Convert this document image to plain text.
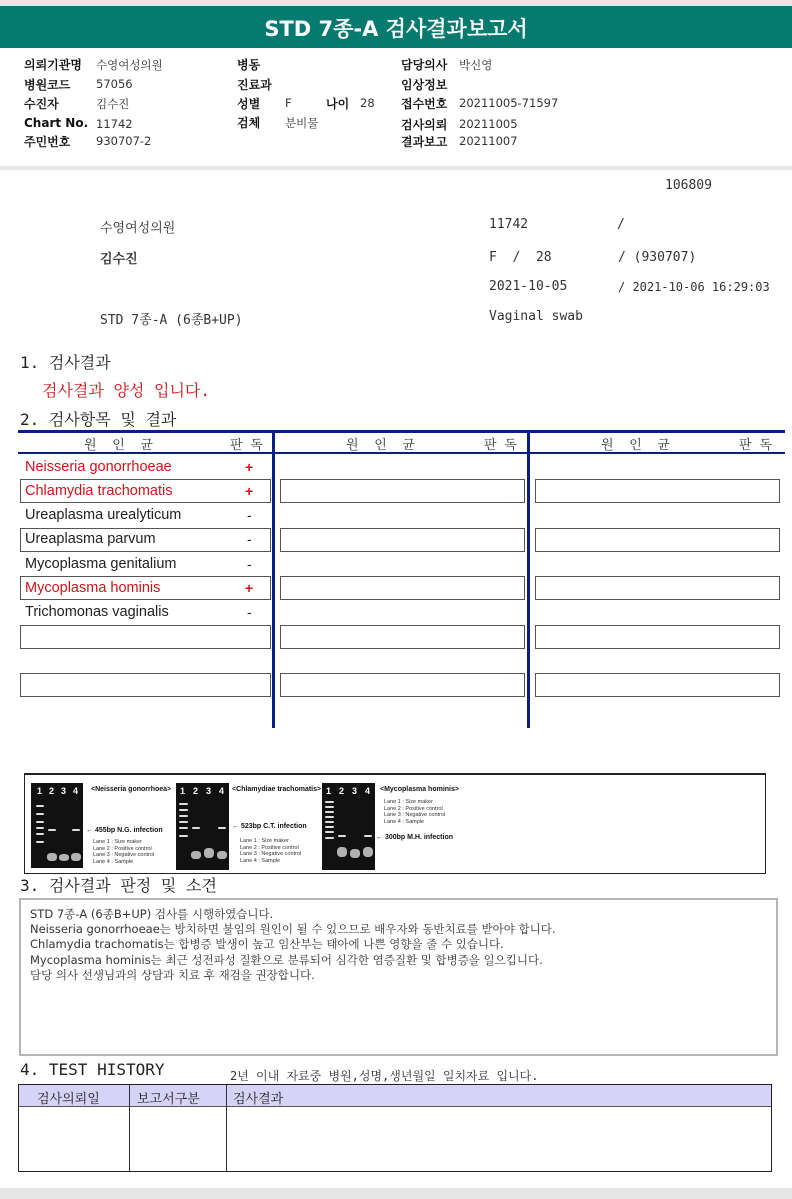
STD 7종-A 검사결과보고서
의뢰기관명 수영여성의원
병원코드 57056
수진자	김수진
Chart No. 11742
주민번호 930707-2
병동
진료과
성별 F	나이 28
검체 분비물
담당의사 박신영
임상정보
접수번호 20211005-71597
검사의뢰 20211005
결과보고 20211007
106809
수영여성의원	11742	/
김수진	F  /  28	/ (930707)
2021-10-05	/ 2021-10-06 16:29:03
STD 7종-A (6종B+UP)	Vaginal swab
1. 검사결과
검사결과 양성 입니다.
2. 검사항목 및 결과
원  인  균	판 독	원  인  균	판 독	원  인  균	판 독
Neisseria gonorrhoeae	+
Chlamydia trachomatis	+
Ureaplasma urealyticum	-
Ureaplasma parvum	-
Mycoplasma genitalium	-
Mycoplasma hominis	+
Trichomonas vaginalis	-
1 2 3 4 <Neisseria gonorrhoea>
← 455bp N.G. infection
Lane 1 : Size maker
Lane 2 : Positive control
Lane 3 : Negative control
Lane 4 : Sample
1 2 3 4 <Chlamydiae trachomatis>
← 523bp C.T. infection
Lane 1 : Size maker
Lane 2 : Positive control
Lane 3 : Negative control
Lane 4 : Sample
1 2 3 4 <Mycoplasma hominis>
Lane 1 : Size maker
Lane 2 : Positive control
Lane 3 : Negative control
Lane 4 : Sample
← 300bp M.H. infection
3. 검사결과 판정 및 소견
STD 7종-A (6종B+UP) 검사를 시행하였습니다.
Neisseria gonorrhoeae는 방치하면 불임의 원인이 될 수 있으므로 배우자와 동반치료를 받아야 합니다.
Chlamydia trachomatis는 합병증 발생이 높고 임산부는 태아에 나쁜 영향을 줄 수 있습니다.
Mycoplasma hominis는 최근 성전파성 질환으로 분류되어 심각한 염증질환 및 합병증을 일으킵니다.
담당 의사 선생님과의 상담과 치료 후 재검을 권장합니다.
4. TEST HISTORY	2년 이내 자료중 병원,성명,생년월일 일치자료 입니다.
검사의뢰일	보고서구분	검사결과
